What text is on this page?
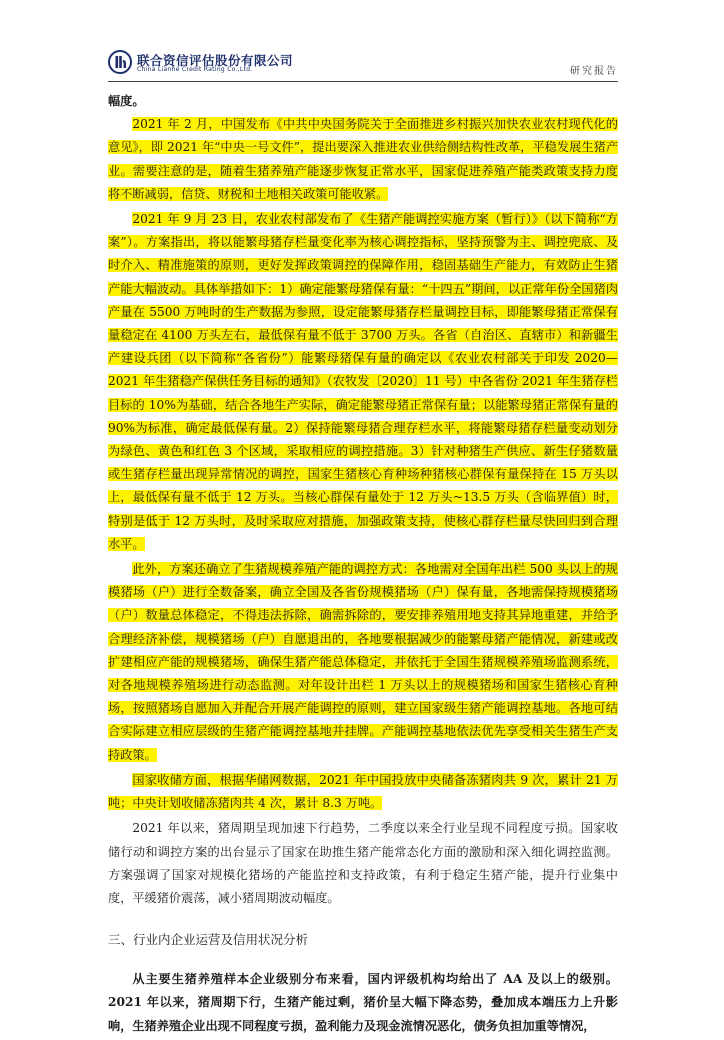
联合资信评估股份有限公司
China Lianhe Credit Rating Co.,Ltd.	研究报告

幅度。

2021 年 2 月，中国发布《中共中央国务院关于全面推进乡村振兴加快农业农村现代化的意见》，即 2021 年“中央一号文件”，提出要深入推进农业供给侧结构性改革，平稳发展生猪产业。需要注意的是，随着生猪养殖产能逐步恢复正常水平，国家促进养殖产能类政策支持力度将不断减弱，信贷、财税和土地相关政策可能收紧。

2021 年 9 月 23 日，农业农村部发布了《生猪产能调控实施方案（暂行）》（以下简称“方案”）。方案指出，将以能繁母猪存栏量变化率为核心调控指标，坚持预警为主、调控兜底、及时介入、精准施策的原则，更好发挥政策调控的保障作用，稳固基础生产能力，有效防止生猪产能大幅波动。具体举措如下：1）确定能繁母猪保有量：“十四五”期间，以正常年份全国猪肉产量在 5500 万吨时的生产数据为参照，设定能繁母猪存栏量调控目标，即能繁母猪正常保有量稳定在 4100 万头左右，最低保有量不低于 3700 万头。各省（自治区、直辖市）和新疆生产建设兵团（以下简称“各省份”）能繁母猪保有量的确定以《农业农村部关于印发 2020—2021 年生猪稳产保供任务目标的通知》（农牧发〔2020〕11 号）中各省份 2021 年生猪存栏目标的 10%为基础，结合各地生产实际，确定能繁母猪正常保有量；以能繁母猪正常保有量的 90%为标准，确定最低保有量。2）保持能繁母猪合理存栏水平，将能繁母猪存栏量变动划分为绿色、黄色和红色 3 个区域，采取相应的调控措施。3）针对种猪生产供应、新生仔猪数量或生猪存栏量出现异常情况的调控，国家生猪核心育种场种猪核心群保有量保持在 15 万头以上，最低保有量不低于 12 万头。当核心群保有量处于 12 万头~13.5 万头（含临界值）时，特别是低于 12 万头时，及时采取应对措施，加强政策支持，使核心群存栏量尽快回归到合理水平。

此外，方案还确立了生猪规模养殖产能的调控方式：各地需对全国年出栏 500 头以上的规模猪场（户）进行全数备案，确立全国及各省份规模猪场（户）保有量，各地需保持规模猪场（户）数量总体稳定，不得违法拆除，确需拆除的，要安排养殖用地支持其异地重建，并给予合理经济补偿，规模猪场（户）自愿退出的，各地要根据减少的能繁母猪产能情况，新建或改扩建相应产能的规模猪场，确保生猪产能总体稳定，并依托于全国生猪规模养殖场监测系统，对各地规模养殖场进行动态监测。对年设计出栏 1 万头以上的规模猪场和国家生猪核心育种场，按照猪场自愿加入并配合开展产能调控的原则，建立国家级生猪产能调控基地。各地可结合实际建立相应层级的生猪产能调控基地并挂牌。产能调控基地依法优先享受相关生猪生产支持政策。

国家收储方面，根据华储网数据，2021 年中国投放中央储备冻猪肉共 9 次，累计 21 万吨；中央计划收储冻猪肉共 4 次，累计 8.3 万吨。

2021 年以来，猪周期呈现加速下行趋势，二季度以来全行业呈现不同程度亏损。国家收储行动和调控方案的出台显示了国家在助推生猪产能常态化方面的激励和深入细化调控监测。方案强调了国家对规模化猪场的产能监控和支持政策，有利于稳定生猪产能，提升行业集中度，平缓猪价震荡，减小猪周期波动幅度。

三、行业内企业运营及信用状况分析

从主要生猪养殖样本企业级别分布来看，国内评级机构均给出了 AA 及以上的级别。2021 年以来，猪周期下行，生猪产能过剩，猪价呈大幅下降态势，叠加成本端压力上升影响，生猪养殖企业出现不同程度亏损，盈利能力及现金流情况恶化，债务负担加重等情况，
